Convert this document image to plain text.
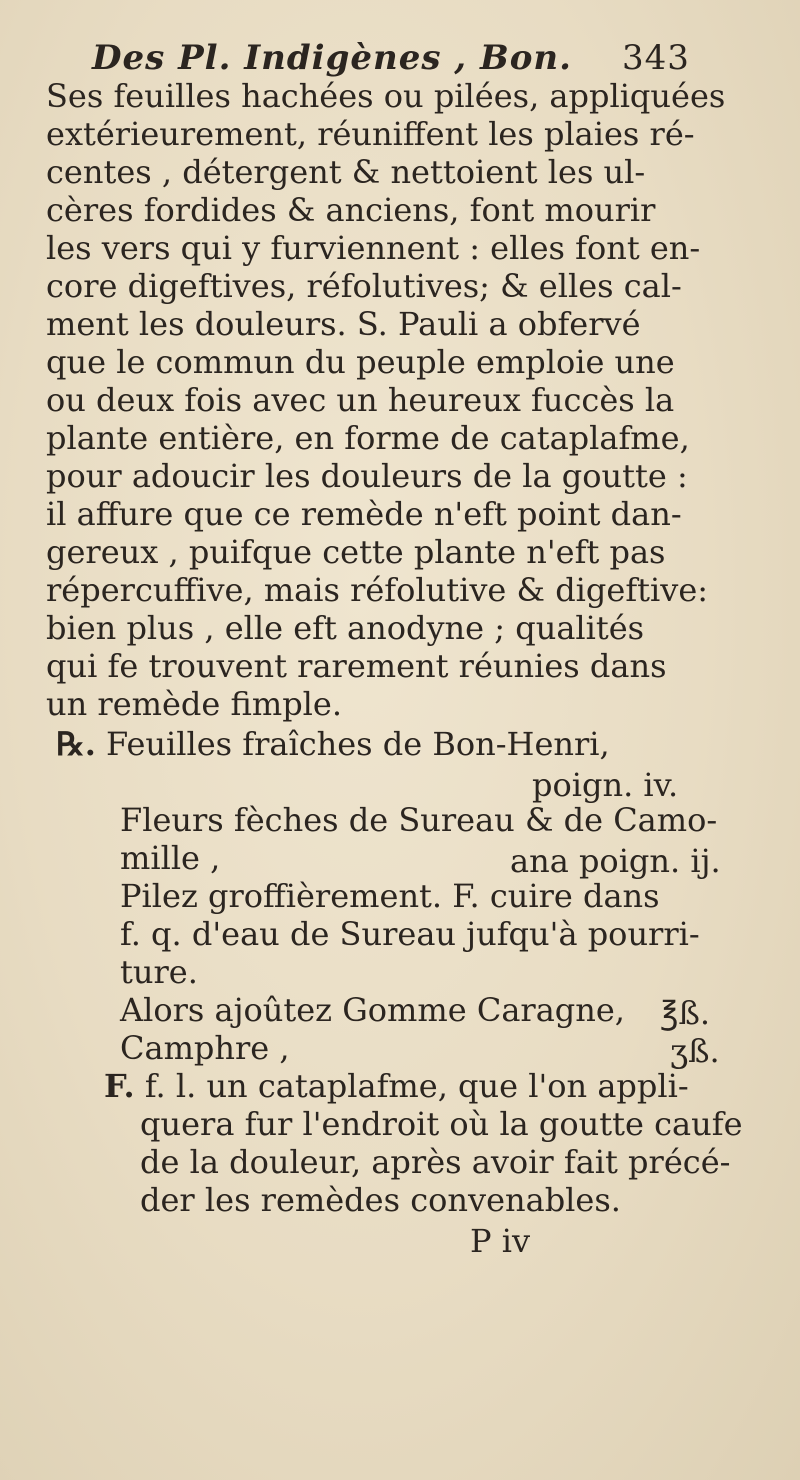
Des Pl. Indigènes , Bon. 343
Ses feuilles hachées ou pilées, appliquées
extérieurement, réuniffent les plaies ré-
centes , détergent & nettoient les ul-
cères fordides & anciens, font mourir
les vers qui y furviennent : elles font en-
core digeftives, réfolutives; & elles cal-
ment les douleurs. S. Pauli a obfervé
que le commun du peuple emploie une
ou deux fois avec un heureux fuccès la
plante entière, en forme de cataplafme,
pour adoucir les douleurs de la goutte :
il affure que ce remède n'eft point dan-
gereux , puifque cette plante n'eft pas
répercuffive, mais réfolutive & digeftive:
bien plus , elle eft anodyne ; qualités
qui fe trouvent rarement réunies dans
un remède fimple.
℞. Feuilles fraîches de Bon-Henri,
poign. iv.
Fleurs fèches de Sureau & de Camo-
mille ,	ana poign. ij.
Pilez groffièrement. F. cuire dans
f. q. d'eau de Sureau jufqu'à pourri-
ture.
Alors ajoûtez Gomme Caragne, ℥ß.
Camphre ,	ʒß.
F. f. l. un cataplafme, que l'on appli-
quera fur l'endroit où la goutte caufe
de la douleur, après avoir fait précé-
der les remèdes convenables.
P iv
